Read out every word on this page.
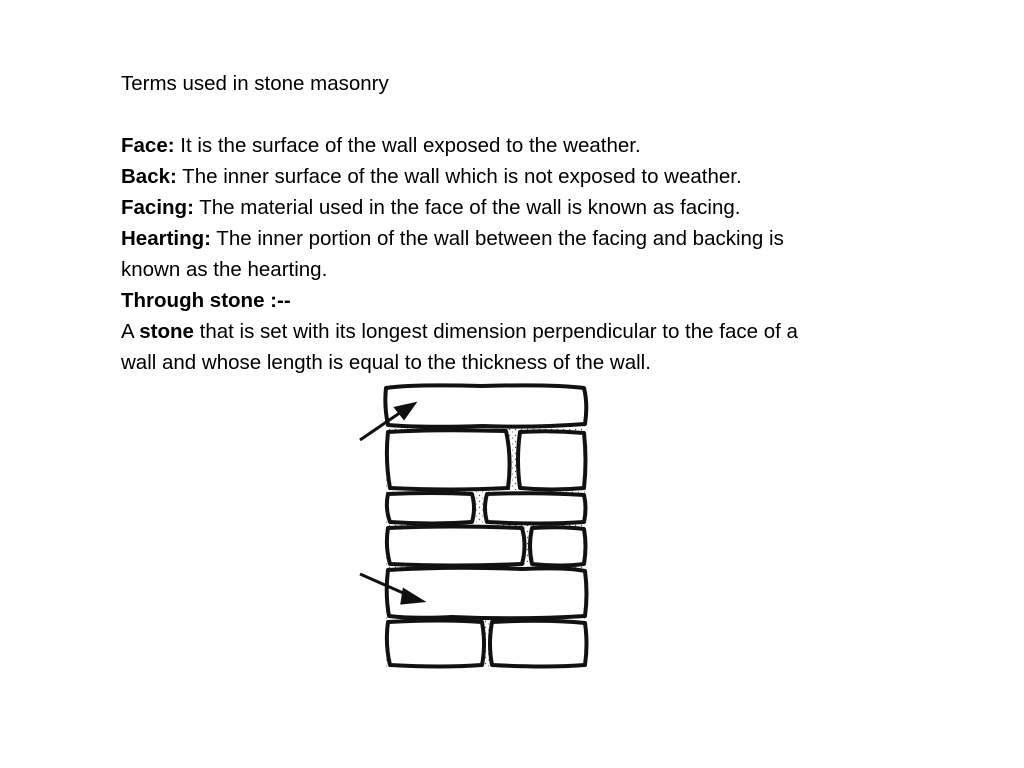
Terms used in stone masonry

Face: It is the surface of the wall exposed to the weather.

Back: The inner surface of the wall which is not exposed to weather.

Facing: The material used in the face of the wall is known as facing.

Hearting: The inner portion of the wall between the facing and backing is

known as the hearting.

Through stone :--

A stone that is set with its longest dimension perpendicular to the face of a

wall and whose length is equal to the thickness of the wall.
